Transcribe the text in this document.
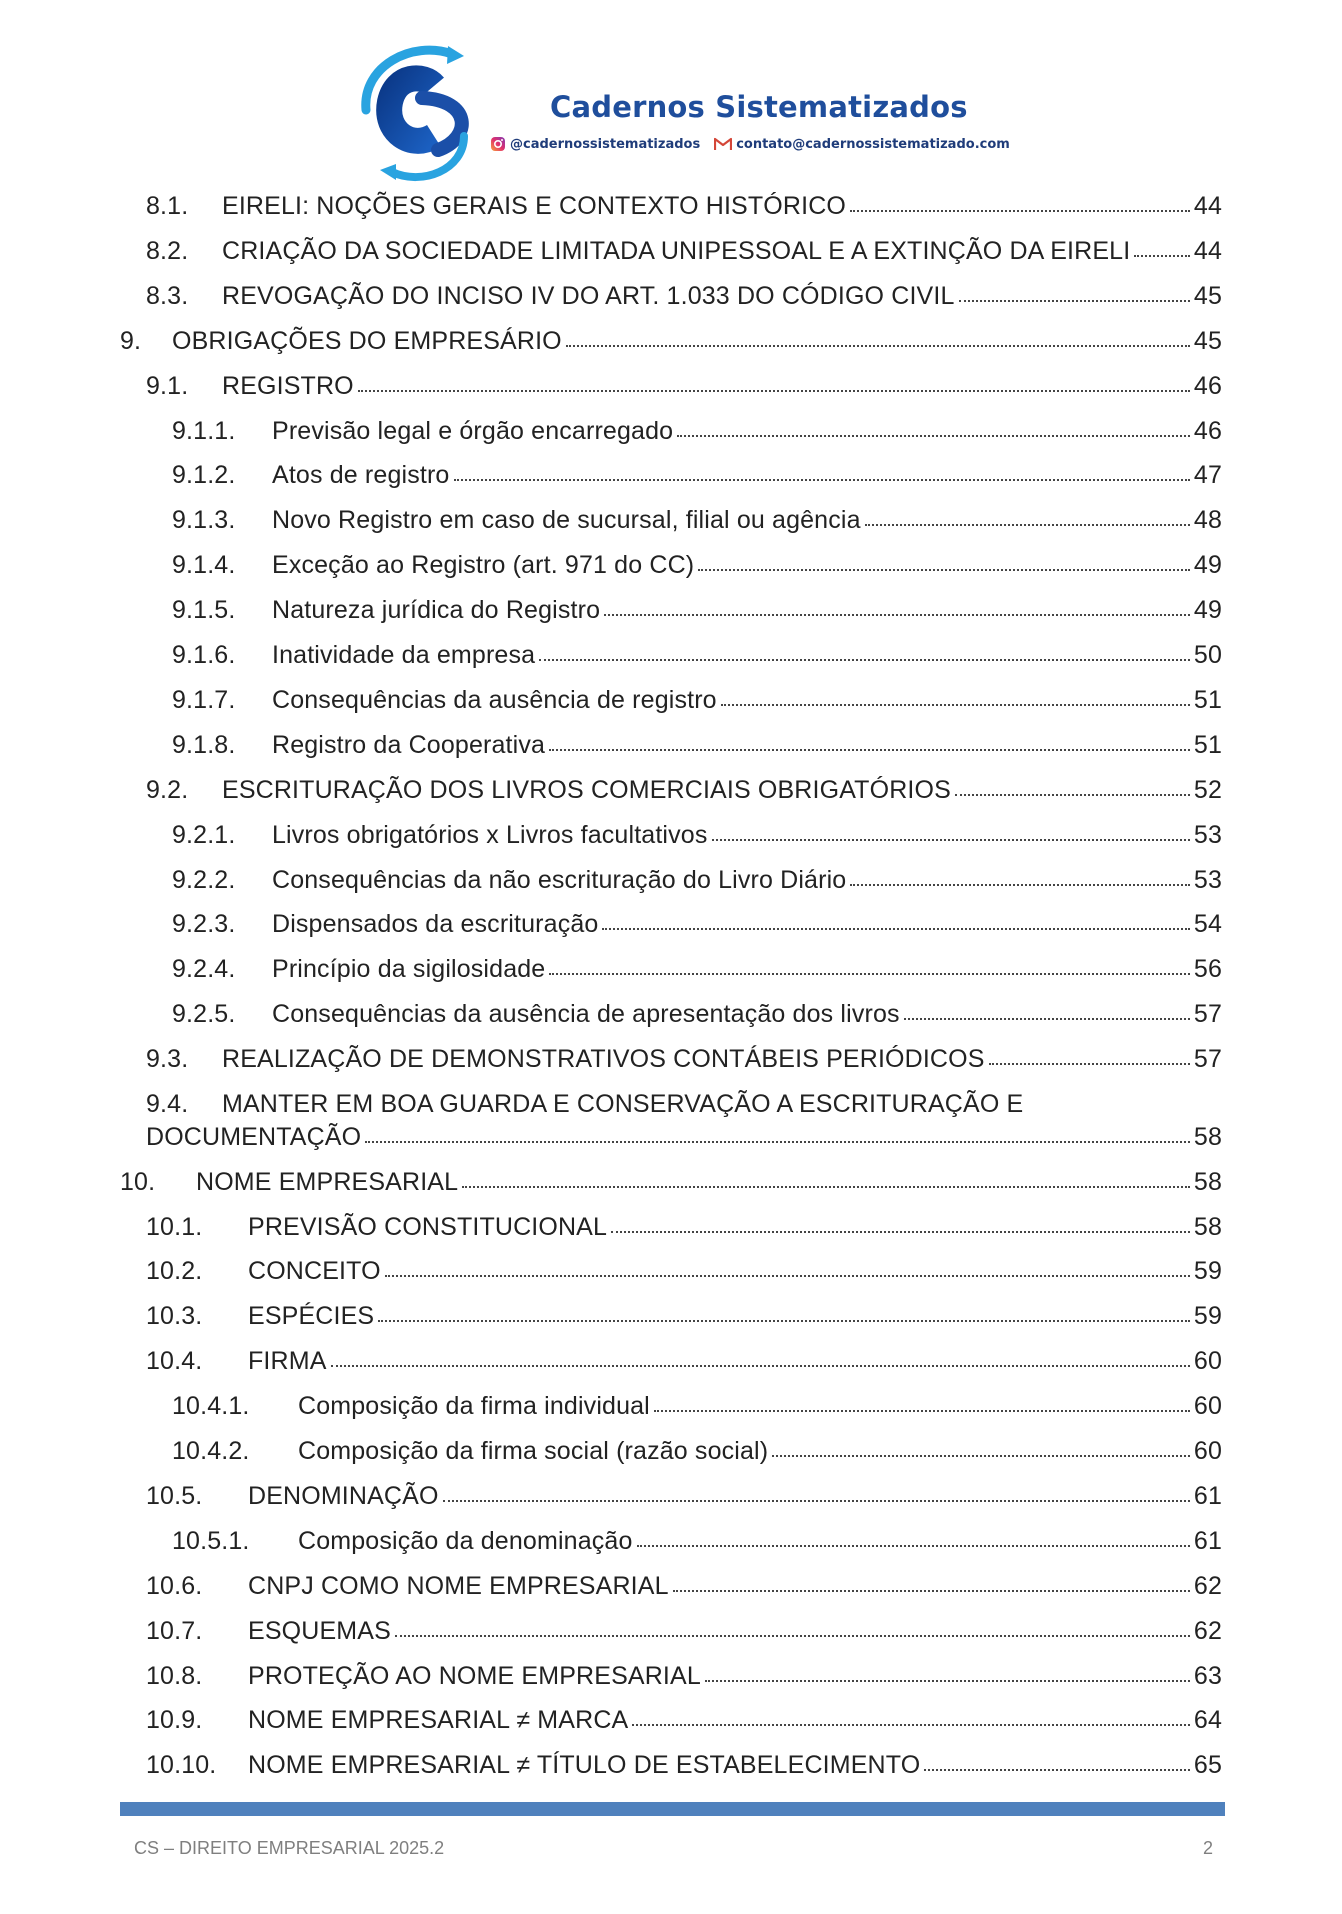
Cadernos Sistematizados
@cadernossistematizados	contato@cadernossistematizado.com
8.1.	EIRELI: NOÇÕES GERAIS E CONTEXTO HISTÓRICO	44
8.2.	CRIAÇÃO DA SOCIEDADE LIMITADA UNIPESSOAL E A EXTINÇÃO DA EIRELI	44
8.3.	REVOGAÇÃO DO INCISO IV DO ART. 1.033 DO CÓDIGO CIVIL	45
9.	OBRIGAÇÕES DO EMPRESÁRIO	45
9.1.	REGISTRO	46
9.1.1.	Previsão legal e órgão encarregado	46
9.1.2.	Atos de registro	47
9.1.3.	Novo Registro em caso de sucursal, filial ou agência	48
9.1.4.	Exceção ao Registro (art. 971 do CC)	49
9.1.5.	Natureza jurídica do Registro	49
9.1.6.	Inatividade da empresa	50
9.1.7.	Consequências da ausência de registro	51
9.1.8.	Registro da Cooperativa	51
9.2.	ESCRITURAÇÃO DOS LIVROS COMERCIAIS OBRIGATÓRIOS	52
9.2.1.	Livros obrigatórios x Livros facultativos	53
9.2.2.	Consequências da não escrituração do Livro Diário	53
9.2.3.	Dispensados da escrituração	54
9.2.4.	Princípio da sigilosidade	56
9.2.5.	Consequências da ausência de apresentação dos livros	57
9.3.	REALIZAÇÃO DE DEMONSTRATIVOS CONTÁBEIS PERIÓDICOS	57
9.4. MANTER EM BOA GUARDA E CONSERVAÇÃO A ESCRITURAÇÃO E
DOCUMENTAÇÃO	58
10.	NOME EMPRESARIAL	58
10.1.	PREVISÃO CONSTITUCIONAL	58
10.2.	CONCEITO	59
10.3.	ESPÉCIES	59
10.4.	FIRMA	60
10.4.1.	Composição da firma individual	60
10.4.2.	Composição da firma social (razão social)	60
10.5.	DENOMINAÇÃO	61
10.5.1.	Composição da denominação	61
10.6.	CNPJ COMO NOME EMPRESARIAL	62
10.7.	ESQUEMAS	62
10.8.	PROTEÇÃO AO NOME EMPRESARIAL	63
10.9.	NOME EMPRESARIAL ≠ MARCA	64
10.10.	NOME EMPRESARIAL ≠ TÍTULO DE ESTABELECIMENTO	65
CS – DIREITO EMPRESARIAL 2025.2	2
